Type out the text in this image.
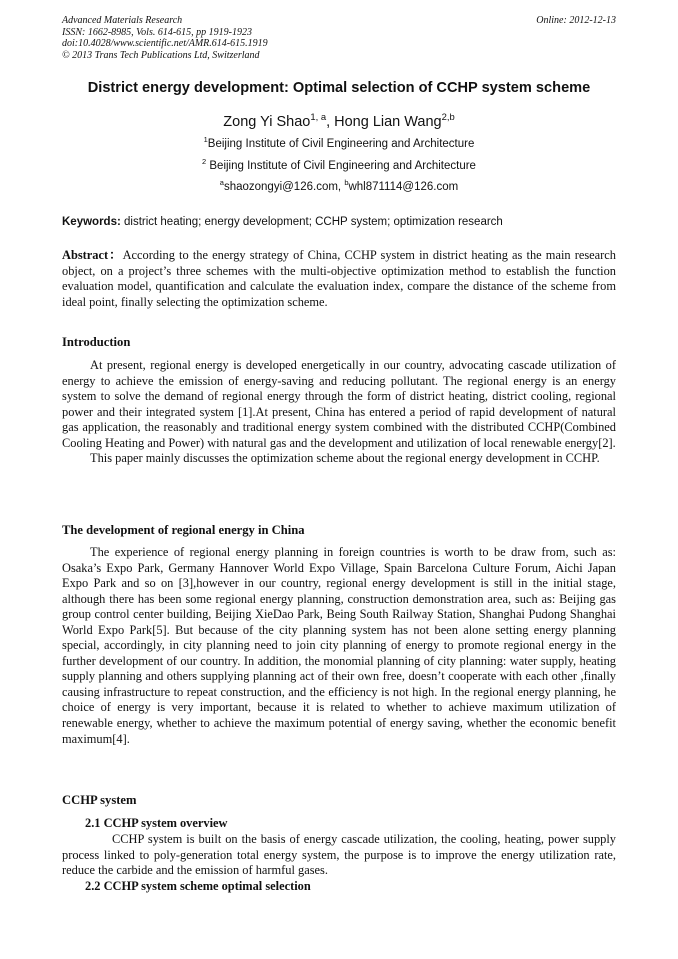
Advanced Materials Research	Online: 2012-12-13
ISSN: 1662-8985, Vols. 614-615, pp 1919-1923
doi:10.4028/www.scientific.net/AMR.614-615.1919
© 2013 Trans Tech Publications Ltd, Switzerland
District energy development: Optimal selection of CCHP system scheme
Zong Yi Shao$^{1, a}$, Hong Lian Wang$^{2,b}$
$^1$Beijing Institute of Civil Engineering and Architecture
$^2$ Beijing Institute of Civil Engineering and Architecture
$^a$shaozongyi@126.com, $^b$whl871114@126.com
Keywords: district heating; energy development; CCHP system; optimization research

Abstract：According to the energy strategy of China, CCHP system in district heating as the main research object, on a project’s three schemes with the multi-objective optimization method to establish the function evaluation model, quantification and calculate the evaluation index, compare the distance of the scheme from ideal point, finally selecting the optimization scheme.

Introduction

At present, regional energy is developed energetically in our country, advocating cascade utilization of energy to achieve the emission of energy-saving and reducing pollutant. The regional energy is an energy system to solve the demand of regional energy through the form of district heating, district cooling, regional power and their integrated system [1].At present, China has entered a period of rapid development of natural gas application, the reasonably and traditional energy system combined with the distributed CCHP(Combined Cooling Heating and Power) with natural gas and the development and utilization of local renewable energy[2].

This paper mainly discusses the optimization scheme about the regional energy development in CCHP.

The development of regional energy in China

The experience of regional energy planning in foreign countries is worth to be draw from, such as: Osaka’s Expo Park, Germany Hannover World Expo Village, Spain Barcelona Culture Forum, Aichi Japan Expo Park and so on [3],however in our country, regional energy development is still in the initial stage, although there has been some regional energy planning, construction demonstration area, such as: Beijing gas group control center building, Beijing XieDao Park, Being South Railway Station, Shanghai Pudong Shanghai World Expo Park[5]. But because of the city planning system has not been alone setting energy planning special, accordingly, in city planning need to join city planning of energy to promote regional energy in the further development of our country. In addition, the monomial planning of city planning: water supply, heating supply planning and others supplying planning act of their own free, doesn’t cooperate with each other ,finally causing infrastructure to repeat construction, and the efficiency is not high. In the regional energy planning, he choice of energy is very important, because it is related to whether to achieve maximum utilization of renewable energy, whether to achieve the maximum potential of energy saving, whether the economic benefit maximum[4].

CCHP system
2.1 CCHP system overview

CCHP system is built on the basis of energy cascade utilization, the cooling, heating, power supply process linked to poly-generation total energy system, the purpose is to improve the energy utilization rate, reduce the carbide and the emission of harmful gases.

2.2 CCHP system scheme optimal selection
